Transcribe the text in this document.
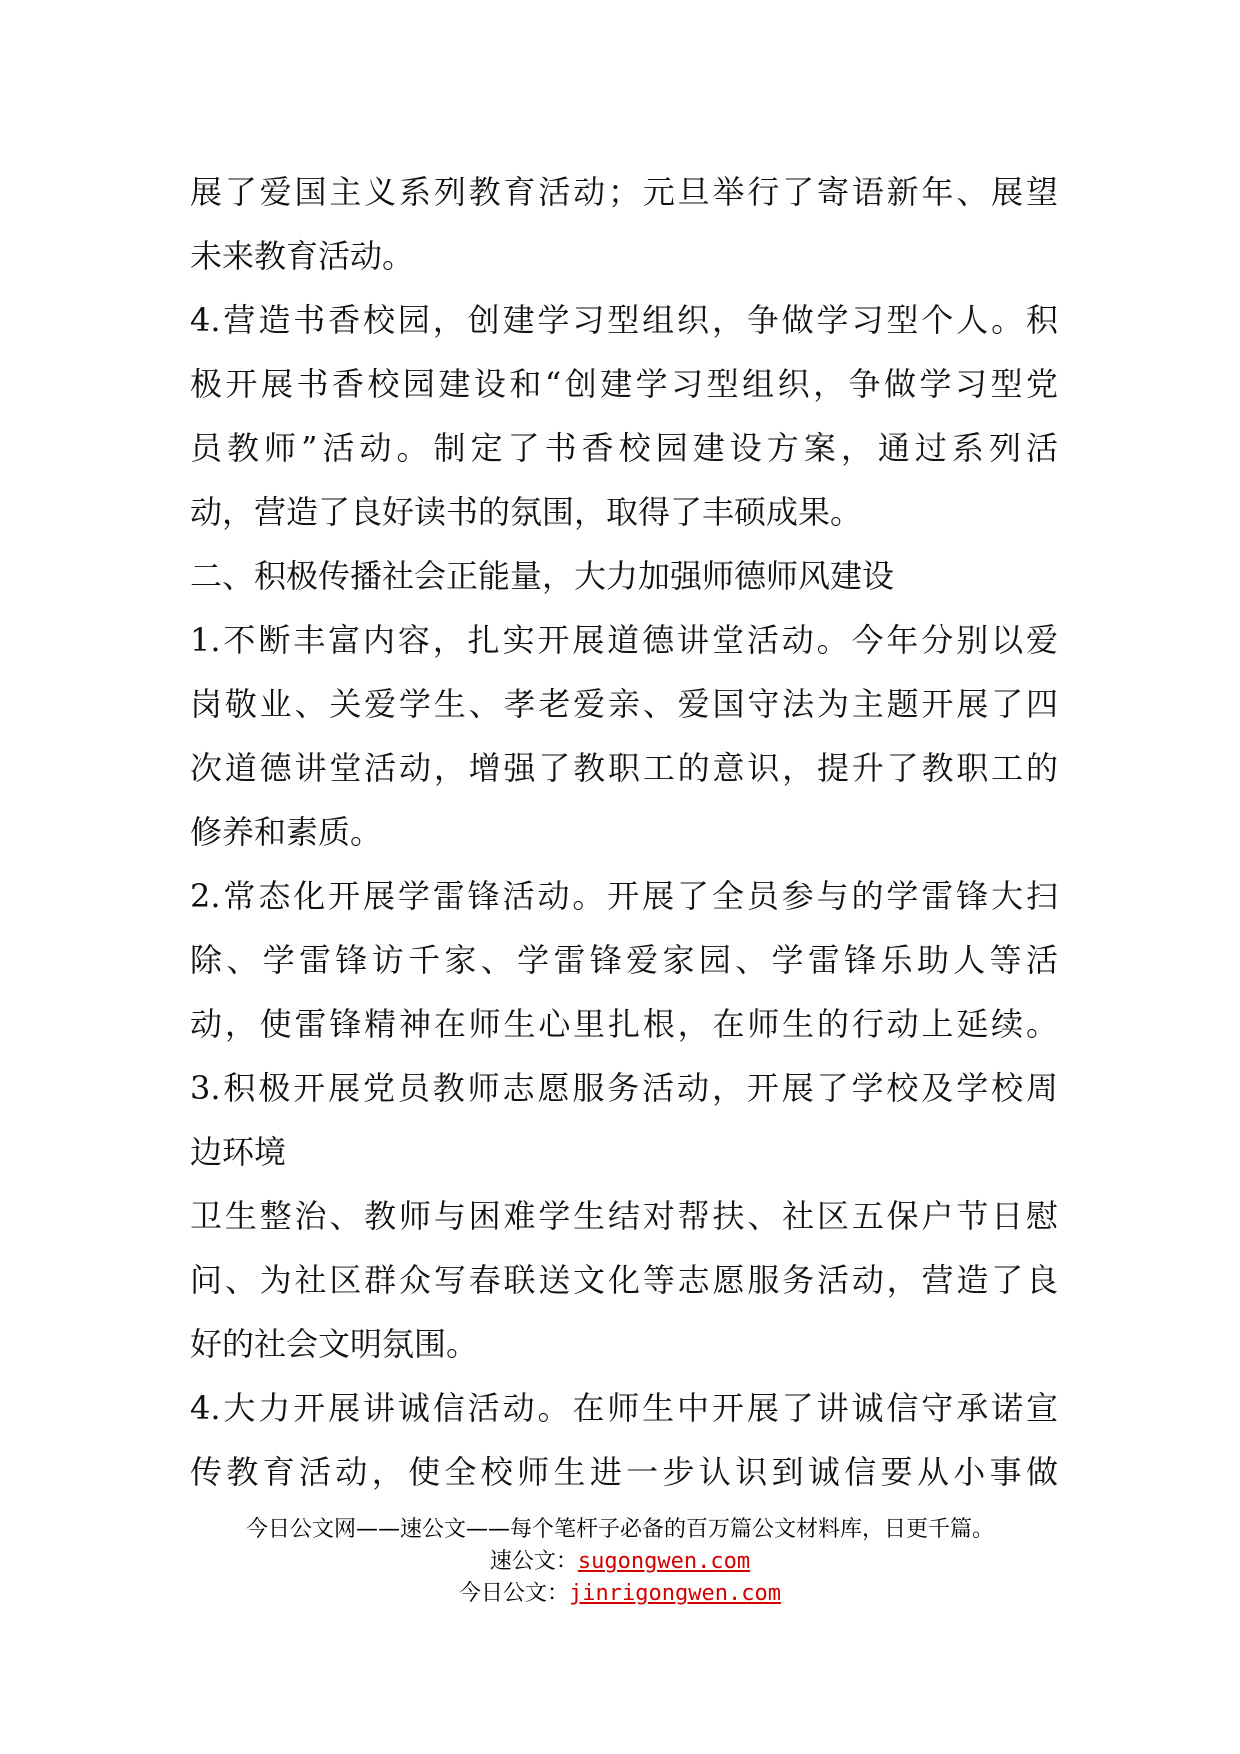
展了爱国主义系列教育活动；元旦举行了寄语新年、展望
未来教育活动。
4.营造书香校园，创建学习型组织，争做学习型个人。积
极开展书香校园建设和“创建学习型组织，争做学习型党
员教师”活动。制定了书香校园建设方案，通过系列活
动，营造了良好读书的氛围，取得了丰硕成果。
二、积极传播社会正能量，大力加强师德师风建设
1.不断丰富内容，扎实开展道德讲堂活动。今年分别以爱
岗敬业、关爱学生、孝老爱亲、爱国守法为主题开展了四
次道德讲堂活动，增强了教职工的意识，提升了教职工的
修养和素质。
2.常态化开展学雷锋活动。开展了全员参与的学雷锋大扫
除、学雷锋访千家、学雷锋爱家园、学雷锋乐助人等活
动，使雷锋精神在师生心里扎根，在师生的行动上延续。
3.积极开展党员教师志愿服务活动，开展了学校及学校周
边环境
卫生整治、教师与困难学生结对帮扶、社区五保户节日慰
问、为社区群众写春联送文化等志愿服务活动，营造了良
好的社会文明氛围。
4.大力开展讲诚信活动。在师生中开展了讲诚信守承诺宣
传教育活动，使全校师生进一步认识到诚信要从小事做
今日公文网——速公文——每个笔杆子必备的百万篇公文材料库，日更千篇。
速公文：sugongwen.com
今日公文：jinrigongwen.com
